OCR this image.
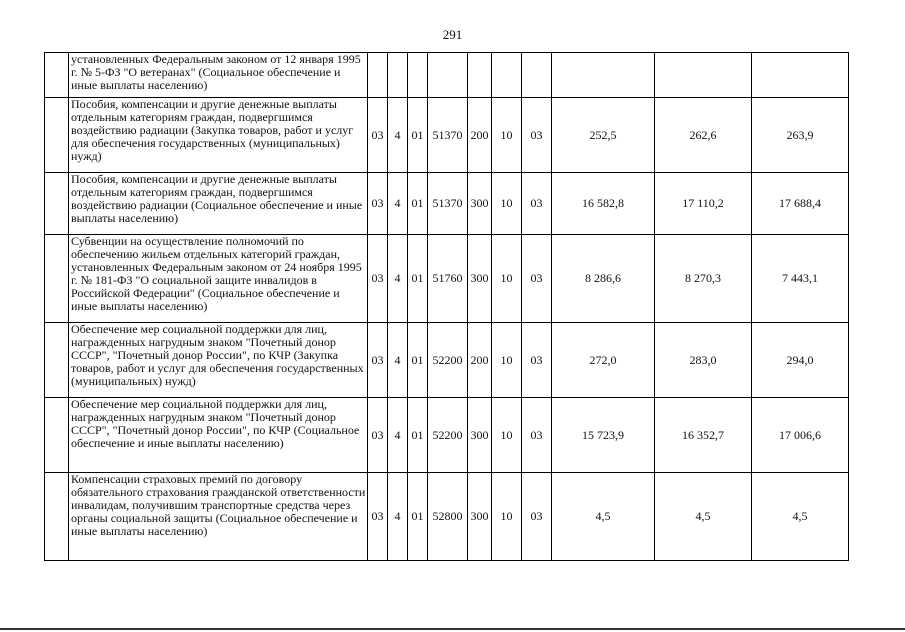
291
	установленных Федеральным законом от 12 января 1995 г. № 5-ФЗ "О ветеранах" (Социальное обеспечение и иные выплаты населению)										
	Пособия, компенсации и другие денежные выплаты отдельным категориям граждан, подвергшимся воздействию радиации (Закупка товаров, работ и услуг для обеспечения государственных (муниципальных) нужд)	03	4	01	51370	200	10	03	252,5	262,6	263,9
	Пособия, компенсации и другие денежные выплаты отдельным категориям граждан, подвергшимся воздействию радиации (Социальное обеспечение и иные выплаты населению)	03	4	01	51370	300	10	03	16 582,8	17 110,2	17 688,4
	Субвенции на осуществление полномочий по обеспечению жильем отдельных категорий граждан, установленных Федеральным законом от 24 ноября 1995 г. № 181-ФЗ "О социальной защите инвалидов в Российской Федерации" (Социальное обеспечение и иные выплаты населению)	03	4	01	51760	300	10	03	8 286,6	8 270,3	7 443,1
	Обеспечение мер социальной поддержки для лиц, награжденных нагрудным знаком "Почетный донор СССР", "Почетный донор России", по КЧР (Закупка товаров, работ и услуг для обеспечения государственных (муниципальных) нужд)	03	4	01	52200	200	10	03	272,0	283,0	294,0
	Обеспечение мер социальной поддержки для лиц, награжденных нагрудным знаком "Почетный донор СССР", "Почетный донор России", по КЧР (Социальное обеспечение и иные выплаты населению)	03	4	01	52200	300	10	03	15 723,9	16 352,7	17 006,6
	Компенсации страховых премий по договору обязательного страхования гражданской ответственности инвалидам, получившим транспортные средства через органы социальной защиты (Социальное обеспечение и иные выплаты населению)	03	4	01	52800	300	10	03	4,5	4,5	4,5
